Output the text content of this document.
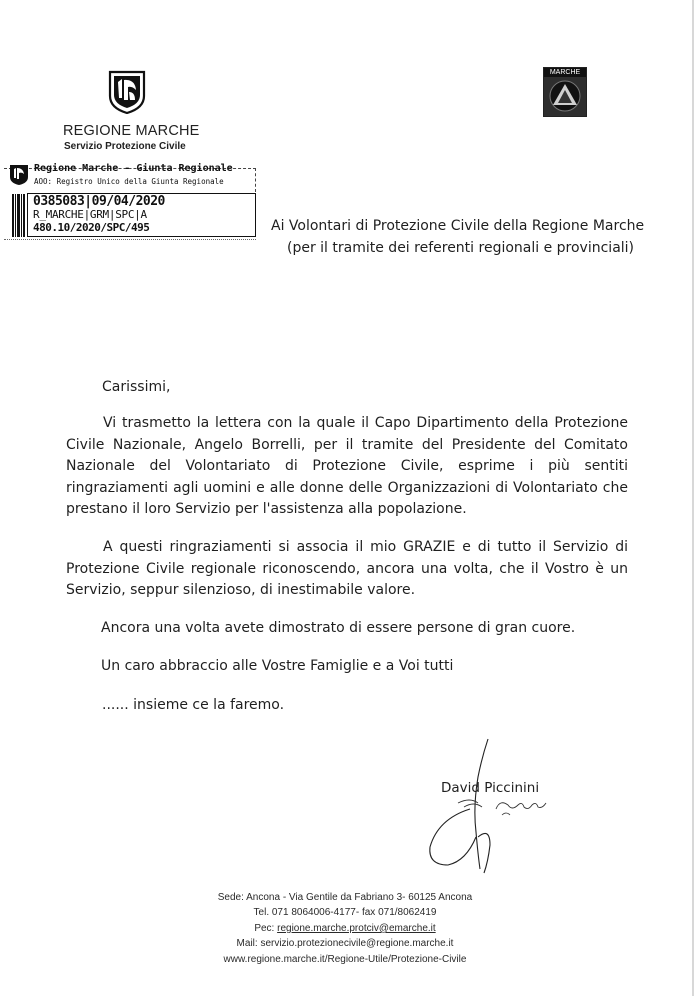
MARCHE
REGIONE MARCHE
Servizio Protezione Civile
Regione Marche - Giunta Regionale
AOO: Registro Unico della Giunta Regionale
0385083|09/04/2020
R_MARCHE|GRM|SPC|A
480.10/2020/SPC/495	Ai Volontari di Protezione Civile della Regione Marche
(per il tramite dei referenti regionali e provinciali)
Carissimi,
Vi trasmetto la lettera con la quale il Capo Dipartimento della Protezione Civile Nazionale, Angelo Borrelli, per il tramite del Presidente del Comitato Nazionale del Volontariato di Protezione Civile, esprime i più sentiti ringraziamenti agli uomini e alle donne delle Organizzazioni di Volontariato che prestano il loro Servizio per l'assistenza alla popolazione.
A questi ringraziamenti si associa il mio GRAZIE e di tutto il Servizio di Protezione Civile regionale riconoscendo, ancora una volta, che il Vostro è un Servizio, seppur silenzioso, di inestimabile valore.
Ancora una volta avete dimostrato di essere persone di gran cuore.
Un caro abbraccio alle Vostre Famiglie e a Voi tutti
...... insieme ce la faremo.
David Piccinini
Sede: Ancona - Via Gentile da Fabriano 3- 60125 Ancona
Tel. 071 8064006-4177- fax 071/8062419
Pec: regione.marche.protciv@emarche.it
Mail: servizio.protezionecivile@regione.marche.it
www.regione.marche.it/Regione-Utile/Protezione-Civile
